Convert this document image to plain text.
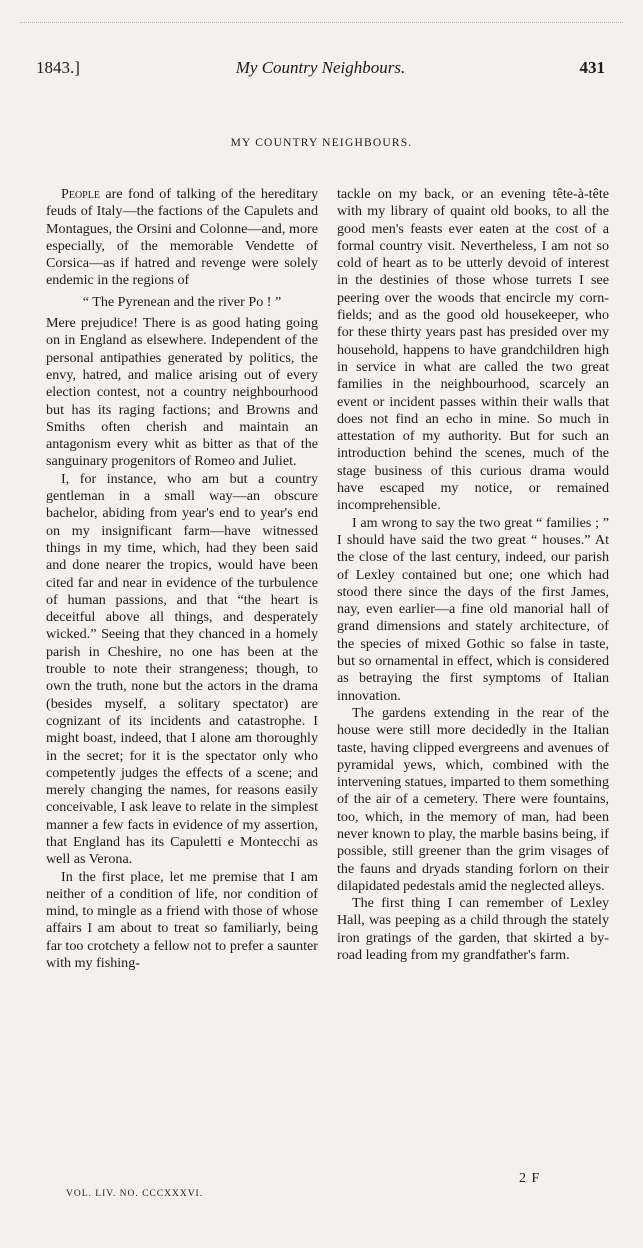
1843.]	My Country Neighbours.	431
MY COUNTRY NEIGHBOURS.

People are fond of talking of the hereditary feuds of Italy—the factions of the Capulets and Montagues, the Orsini and Colonne—and, more especially, of the memorable Vendette of Corsica—as if hatred and revenge were solely endemic in the regions of

“ The Pyrenean and the river Po ! ”

Mere prejudice! There is as good hating going on in England as elsewhere. Independent of the personal antipathies generated by politics, the envy, hatred, and malice arising out of every election contest, not a country neighbourhood but has its raging factions; and Browns and Smiths often cherish and maintain an antagonism every whit as bitter as that of the sanguinary progenitors of Romeo and Juliet.

I, for instance, who am but a country gentleman in a small way—an obscure bachelor, abiding from year's end to year's end on my insignificant farm—have witnessed things in my time, which, had they been said and done nearer the tropics, would have been cited far and near in evidence of the turbulence of human passions, and that “the heart is deceitful above all things, and desperately wicked.” Seeing that they chanced in a homely parish in Cheshire, no one has been at the trouble to note their strangeness; though, to own the truth, none but the actors in the drama (besides myself, a solitary spectator) are cognizant of its incidents and catastrophe. I might boast, indeed, that I alone am thoroughly in the secret; for it is the spectator only who competently judges the effects of a scene; and merely changing the names, for reasons easily conceivable, I ask leave to relate in the simplest manner a few facts in evidence of my assertion, that England has its Capuletti e Montecchi as well as Verona.

In the first place, let me premise that I am neither of a condition of life, nor condition of mind, to mingle as a friend with those of whose affairs I am about to treat so familiarly, being far too crotchety a fellow not to prefer a saunter with my fishing-

tackle on my back, or an evening tête-à-tête with my library of quaint old books, to all the good men's feasts ever eaten at the cost of a formal country visit. Nevertheless, I am not so cold of heart as to be utterly devoid of interest in the destinies of those whose turrets I see peering over the woods that encircle my corn-fields; and as the good old housekeeper, who for these thirty years past has presided over my household, happens to have grandchildren high in service in what are called the two great families in the neighbourhood, scarcely an event or incident passes within their walls that does not find an echo in mine. So much in attestation of my authority. But for such an introduction behind the scenes, much of the stage business of this curious drama would have escaped my notice, or remained incomprehensible.

I am wrong to say the two great “ families ; ” I should have said the two great “ houses.” At the close of the last century, indeed, our parish of Lexley contained but one; one which had stood there since the days of the first James, nay, even earlier—a fine old manorial hall of grand dimensions and stately architecture, of the species of mixed Gothic so false in taste, but so ornamental in effect, which is considered as betraying the first symptoms of Italian innovation.

The gardens extending in the rear of the house were still more decidedly in the Italian taste, having clipped evergreens and avenues of pyramidal yews, which, combined with the intervening statues, imparted to them something of the air of a cemetery. There were fountains, too, which, in the memory of man, had been never known to play, the marble basins being, if possible, still greener than the grim visages of the fauns and dryads standing forlorn on their dilapidated pedestals amid the neglected alleys.

The first thing I can remember of Lexley Hall, was peeping as a child through the stately iron gratings of the garden, that skirted a by-road leading from my grandfather's farm.

VOL. LIV. NO. CCCXXXVI.
2 F
